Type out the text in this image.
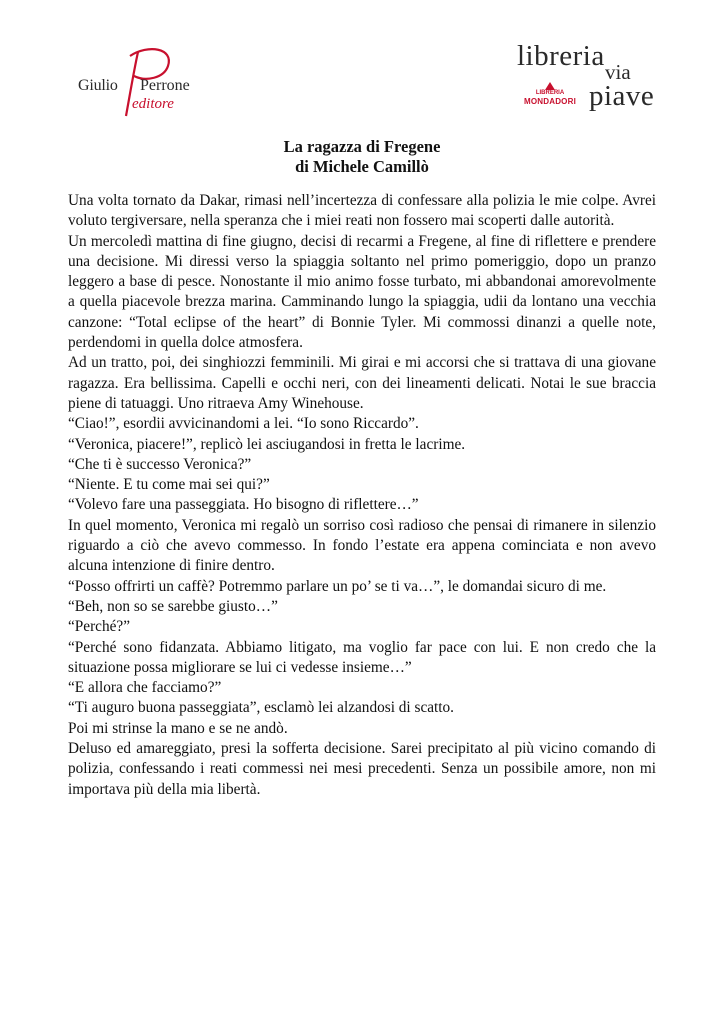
Giulio Perrone
editore
libreria via
piave
LIBRERIA
MONDADORI
La ragazza di Fregene
di Michele Camillò

Una volta tornato da Dakar, rimasi nell’incertezza di confessare alla polizia le mie colpe. Avrei voluto tergiversare, nella speranza che i miei reati non fossero mai scoperti dalle autorità.

Un mercoledì mattina di fine giugno, decisi di recarmi a Fregene, al fine di riflettere e prendere una decisione. Mi diressi verso la spiaggia soltanto nel primo pomeriggio, dopo un pranzo leggero a base di pesce. Nonostante il mio animo fosse turbato, mi abbandonai amorevolmente a quella piacevole brezza marina. Camminando lungo la spiaggia, udii da lontano una vecchia canzone: “Total eclipse of the heart” di Bonnie Tyler. Mi commossi dinanzi a quelle note, perdendomi in quella dolce atmosfera.

Ad un tratto, poi, dei singhiozzi femminili. Mi girai e mi accorsi che si trattava di una giovane ragazza. Era bellissima. Capelli e occhi neri, con dei lineamenti delicati. Notai le sue braccia piene di tatuaggi. Uno ritraeva Amy Winehouse.

“Ciao!”, esordii avvicinandomi a lei. “Io sono Riccardo”.

“Veronica, piacere!”, replicò lei asciugandosi in fretta le lacrime.

“Che ti è successo Veronica?”

“Niente. E tu come mai sei qui?”

“Volevo fare una passeggiata. Ho bisogno di riflettere…”

In quel momento, Veronica mi regalò un sorriso così radioso che pensai di rimanere in silenzio riguardo a ciò che avevo commesso. In fondo l’estate era appena cominciata e non avevo alcuna intenzione di finire dentro.

“Posso offrirti un caffè? Potremmo parlare un po’ se ti va…”, le domandai sicuro di me.

“Beh, non so se sarebbe giusto…”

“Perché?”

“Perché sono fidanzata. Abbiamo litigato, ma voglio far pace con lui. E non credo che la situazione possa migliorare se lui ci vedesse insieme…”

“E allora che facciamo?”

“Ti auguro buona passeggiata”, esclamò lei alzandosi di scatto.

Poi mi strinse la mano e se ne andò.

Deluso ed amareggiato, presi la sofferta decisione. Sarei precipitato al più vicino comando di polizia, confessando i reati commessi nei mesi precedenti. Senza un possibile amore, non mi importava più della mia libertà.
